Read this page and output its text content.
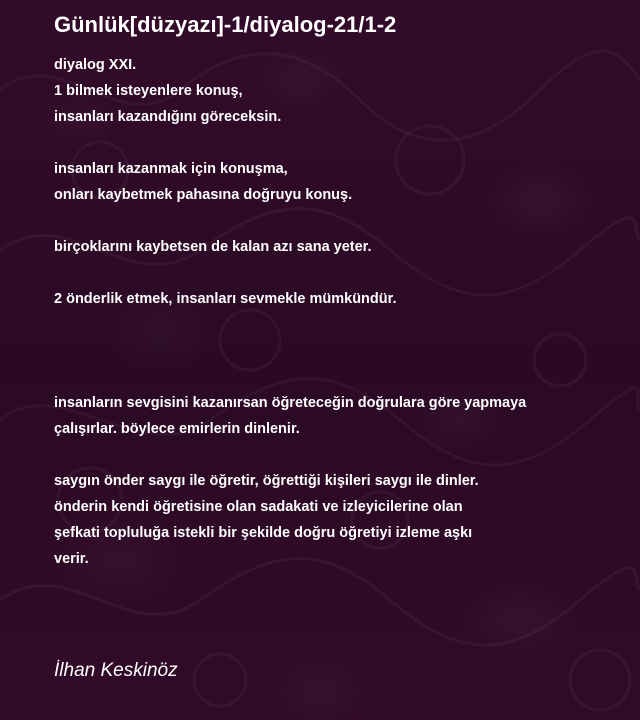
Günlük[düzyazı]-1/diyalog-21/1-2
diyalog XXI.
1 bilmek isteyenlere konuş,
insanları kazandığını göreceksin.
insanları kazanmak için konuşma,
onları kaybetmek pahasına doğruyu konuş.
birçoklarını kaybetsen de kalan azı sana yeter.
2 önderlik etmek, insanları sevmekle mümkündür.
insanların sevgisini kazanırsan öğreteceğin doğrulara göre yapmaya
çalışırlar. böylece emirlerin dinlenir.
saygın önder saygı ile öğretir, öğrettiği kişileri saygı ile dinler.
önderin kendi öğretisine olan sadakati ve izleyicilerine olan
şefkati topluluğa istekli bir şekilde doğru öğretiyi izleme aşkı
verir.
İlhan Keskinöz
